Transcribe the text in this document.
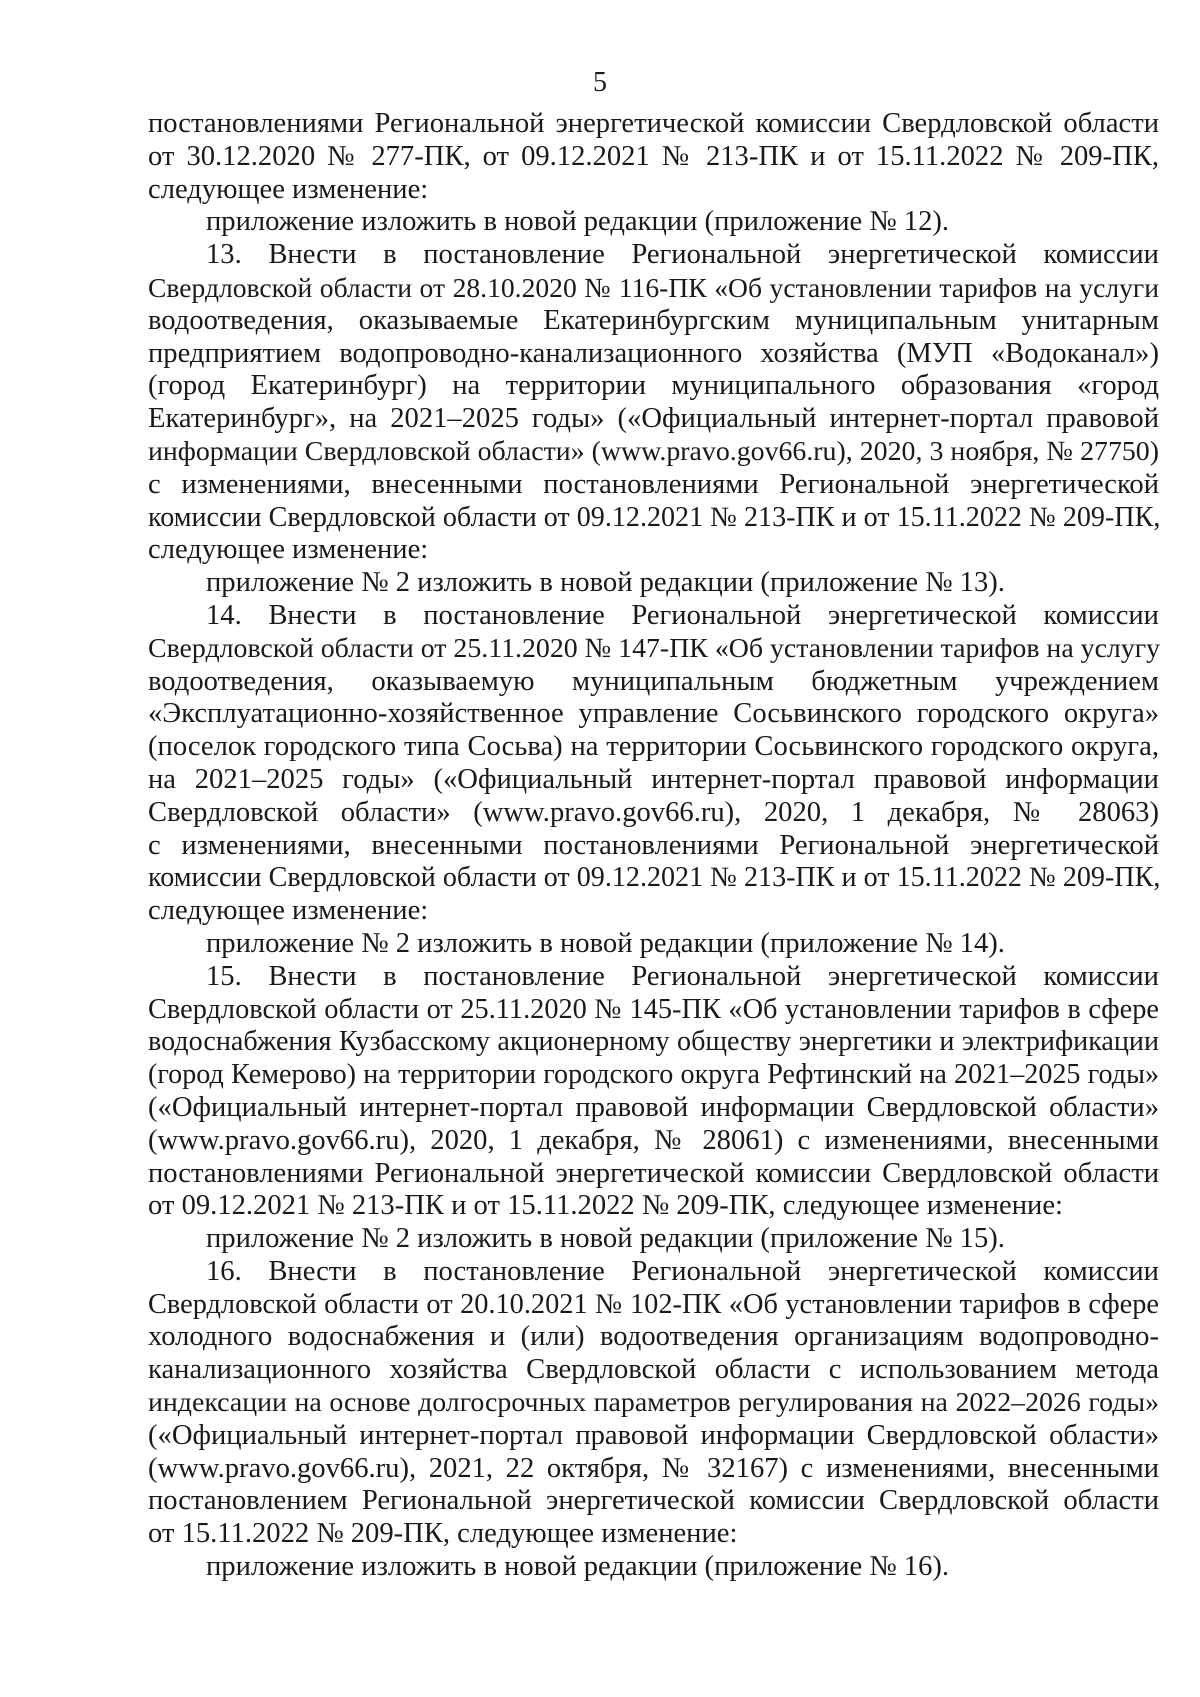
5
постановлениями Региональной энергетической комиссии Свердловской области
от 30.12.2020 № 277-ПК, от 09.12.2021 № 213-ПК и от 15.11.2022 № 209-ПК,
следующее изменение:
приложение изложить в новой редакции (приложение № 12).
13. Внести в постановление Региональной энергетической комиссии
Свердловской области от 28.10.2020 № 116-ПК «Об установлении тарифов на услуги
водоотведения, оказываемые Екатеринбургским муниципальным унитарным
предприятием водопроводно-канализационного хозяйства (МУП «Водоканал»)
(город Екатеринбург) на территории муниципального образования «город
Екатеринбург», на 2021–2025 годы» («Официальный интернет-портал правовой
информации Свердловской области» (www.pravo.gov66.ru), 2020, 3 ноября, № 27750)
с изменениями, внесенными постановлениями Региональной энергетической
комиссии Свердловской области от 09.12.2021 № 213-ПК и от 15.11.2022 № 209-ПК,
следующее изменение:
приложение № 2 изложить в новой редакции (приложение № 13).
14. Внести в постановление Региональной энергетической комиссии
Свердловской области от 25.11.2020 № 147-ПК «Об установлении тарифов на услугу
водоотведения, оказываемую муниципальным бюджетным учреждением
«Эксплуатационно-хозяйственное управление Сосьвинского городского округа»
(поселок городского типа Сосьва) на территории Сосьвинского городского округа,
на 2021–2025 годы» («Официальный интернет-портал правовой информации
Свердловской области» (www.pravo.gov66.ru), 2020, 1 декабря, № 28063)
с изменениями, внесенными постановлениями Региональной энергетической
комиссии Свердловской области от 09.12.2021 № 213-ПК и от 15.11.2022 № 209-ПК,
следующее изменение:
приложение № 2 изложить в новой редакции (приложение № 14).
15. Внести в постановление Региональной энергетической комиссии
Свердловской области от 25.11.2020 № 145-ПК «Об установлении тарифов в сфере
водоснабжения Кузбасскому акционерному обществу энергетики и электрификации
(город Кемерово) на территории городского округа Рефтинский на 2021–2025 годы»
(«Официальный интернет-портал правовой информации Свердловской области»
(www.pravo.gov66.ru), 2020, 1 декабря, № 28061) с изменениями, внесенными
постановлениями Региональной энергетической комиссии Свердловской области
от 09.12.2021 № 213-ПК и от 15.11.2022 № 209-ПК, следующее изменение:
приложение № 2 изложить в новой редакции (приложение № 15).
16. Внести в постановление Региональной энергетической комиссии
Свердловской области от 20.10.2021 № 102-ПК «Об установлении тарифов в сфере
холодного водоснабжения и (или) водоотведения организациям водопроводно-
канализационного хозяйства Свердловской области с использованием метода
индексации на основе долгосрочных параметров регулирования на 2022–2026 годы»
(«Официальный интернет-портал правовой информации Свердловской области»
(www.pravo.gov66.ru), 2021, 22 октября, № 32167) с изменениями, внесенными
постановлением Региональной энергетической комиссии Свердловской области
от 15.11.2022 № 209-ПК, следующее изменение:
приложение изложить в новой редакции (приложение № 16).
